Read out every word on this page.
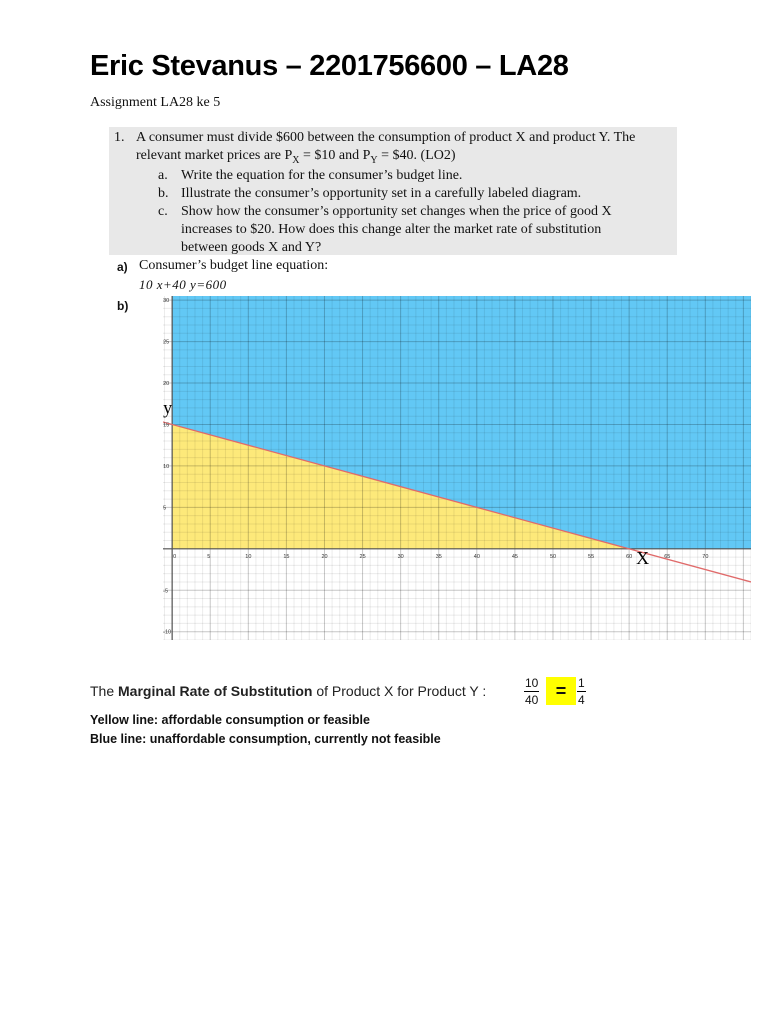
Eric Stevanus – 2201756600 – LA28
Assignment LA28 ke 5
1. A consumer must divide $600 between the consumption of product X and product Y. The relevant market prices are $P_X$ = $10 and $P_Y$ = $40. (LO2)
a. Write the equation for the consumer’s budget line.
b. Illustrate the consumer’s opportunity set in a carefully labeled diagram.
c. Show how the consumer’s opportunity set changes when the price of good X increases to $20. How does this change alter the market rate of substitution between goods X and Y?
a) Consumer’s budget line equation:
10 x+40 y=600
b)
0	5	10	15	20	25	30	35	40	45	50	55	60	65	70
-10
-5
5
10
15
20
25
30
y
X
The Marginal Rate of Substitution of Product X for Product Y :	$\frac{10}{40} = \frac{1}{4}$
Yellow line: affordable consumption or feasible
Blue line: unaffordable consumption, currently not feasible
